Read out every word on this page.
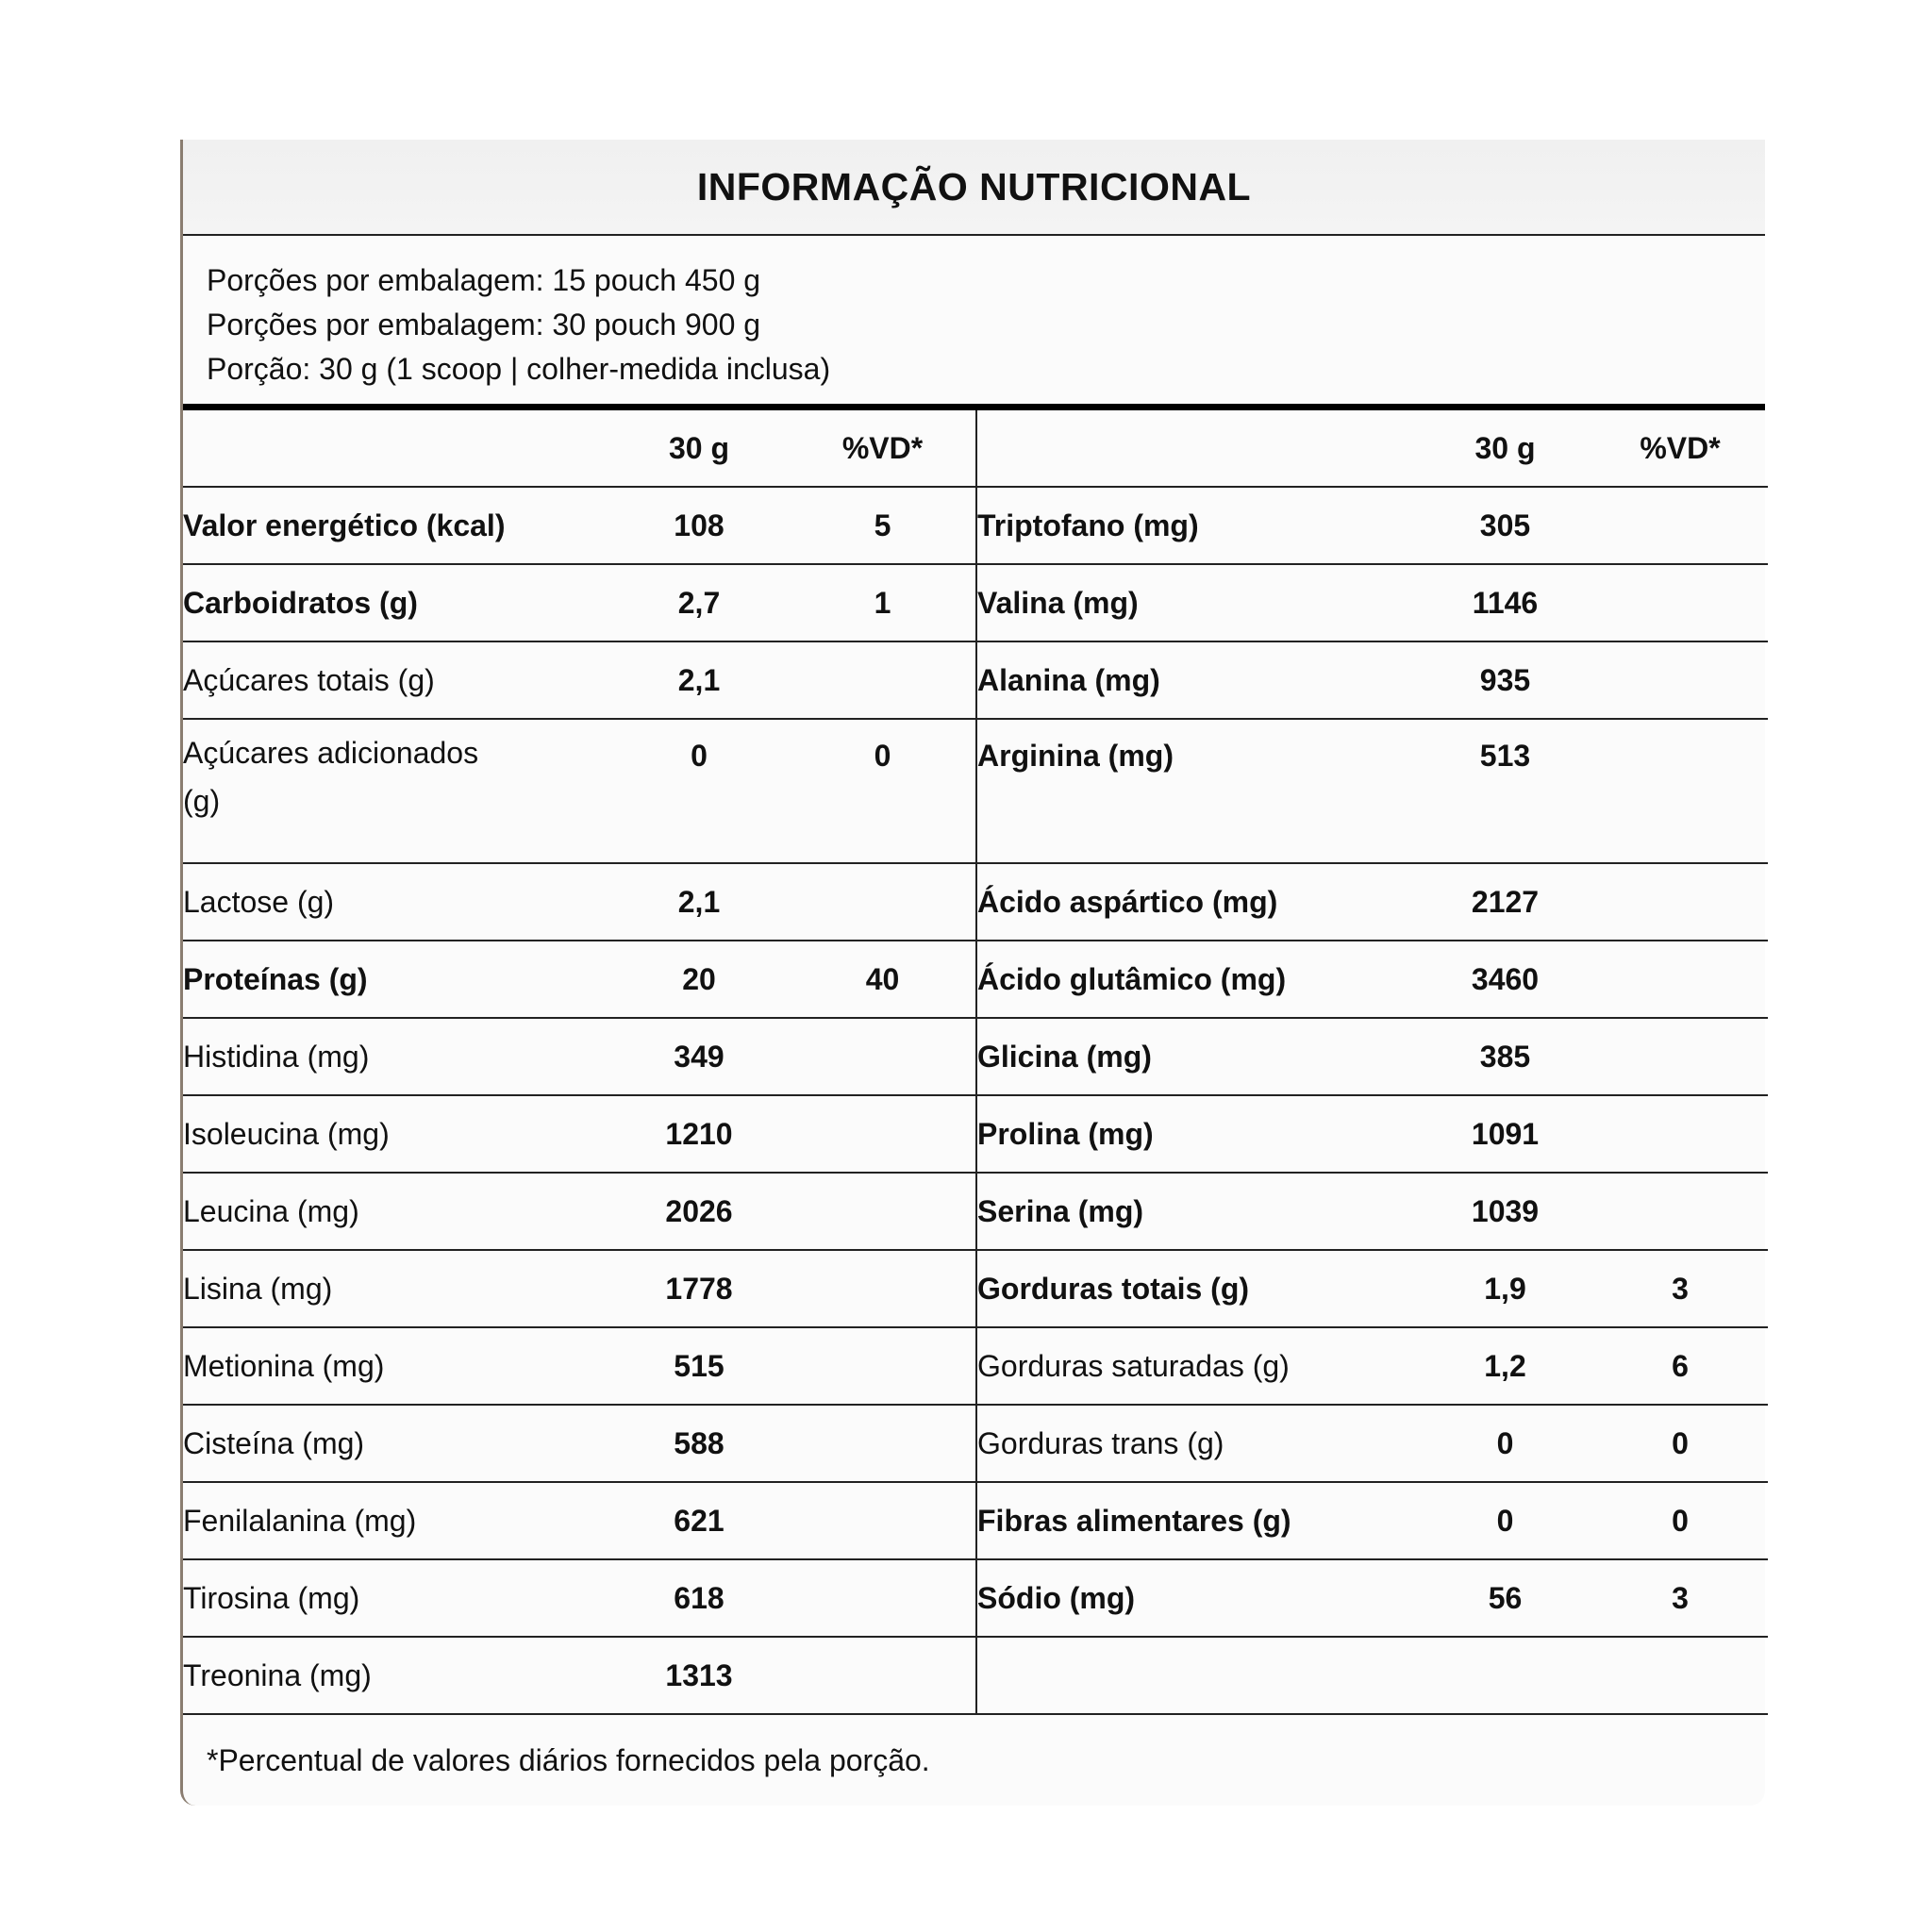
INFORMAÇÃO NUTRICIONAL
Porções por embalagem: 15 pouch 450 g
Porções por embalagem: 30 pouch 900 g
Porção: 30 g (1 scoop | colher-medida inclusa)
	30 g	%VD*		30 g	%VD*
Valor energético (kcal)	108	5	Triptofano (mg)	305	
Carboidratos (g)	2,7	1	Valina (mg)	1146	
Açúcares totais (g)	2,1		Alanina (mg)	935	

Açúcares adicionados
(g)	0	0	Arginina (mg)	513	
Lactose (g)	2,1		Ácido aspártico (mg)	2127	
Proteínas (g)	20	40	Ácido glutâmico (mg)	3460	
Histidina (mg)	349		Glicina (mg)	385	
Isoleucina (mg)	1210		Prolina (mg)	1091	
Leucina (mg)	2026		Serina (mg)	1039	
Lisina (mg)	1778		Gorduras totais (g)	1,9	3
Metionina (mg)	515		Gorduras saturadas (g)	1,2	6
Cisteína (mg)	588		Gorduras trans (g)	0	0
Fenilalanina (mg)	621		Fibras alimentares (g)	0	0
Tirosina (mg)	618		Sódio (mg)	56	3
Treonina (mg)	1313				
*Percentual de valores diários fornecidos pela porção.
